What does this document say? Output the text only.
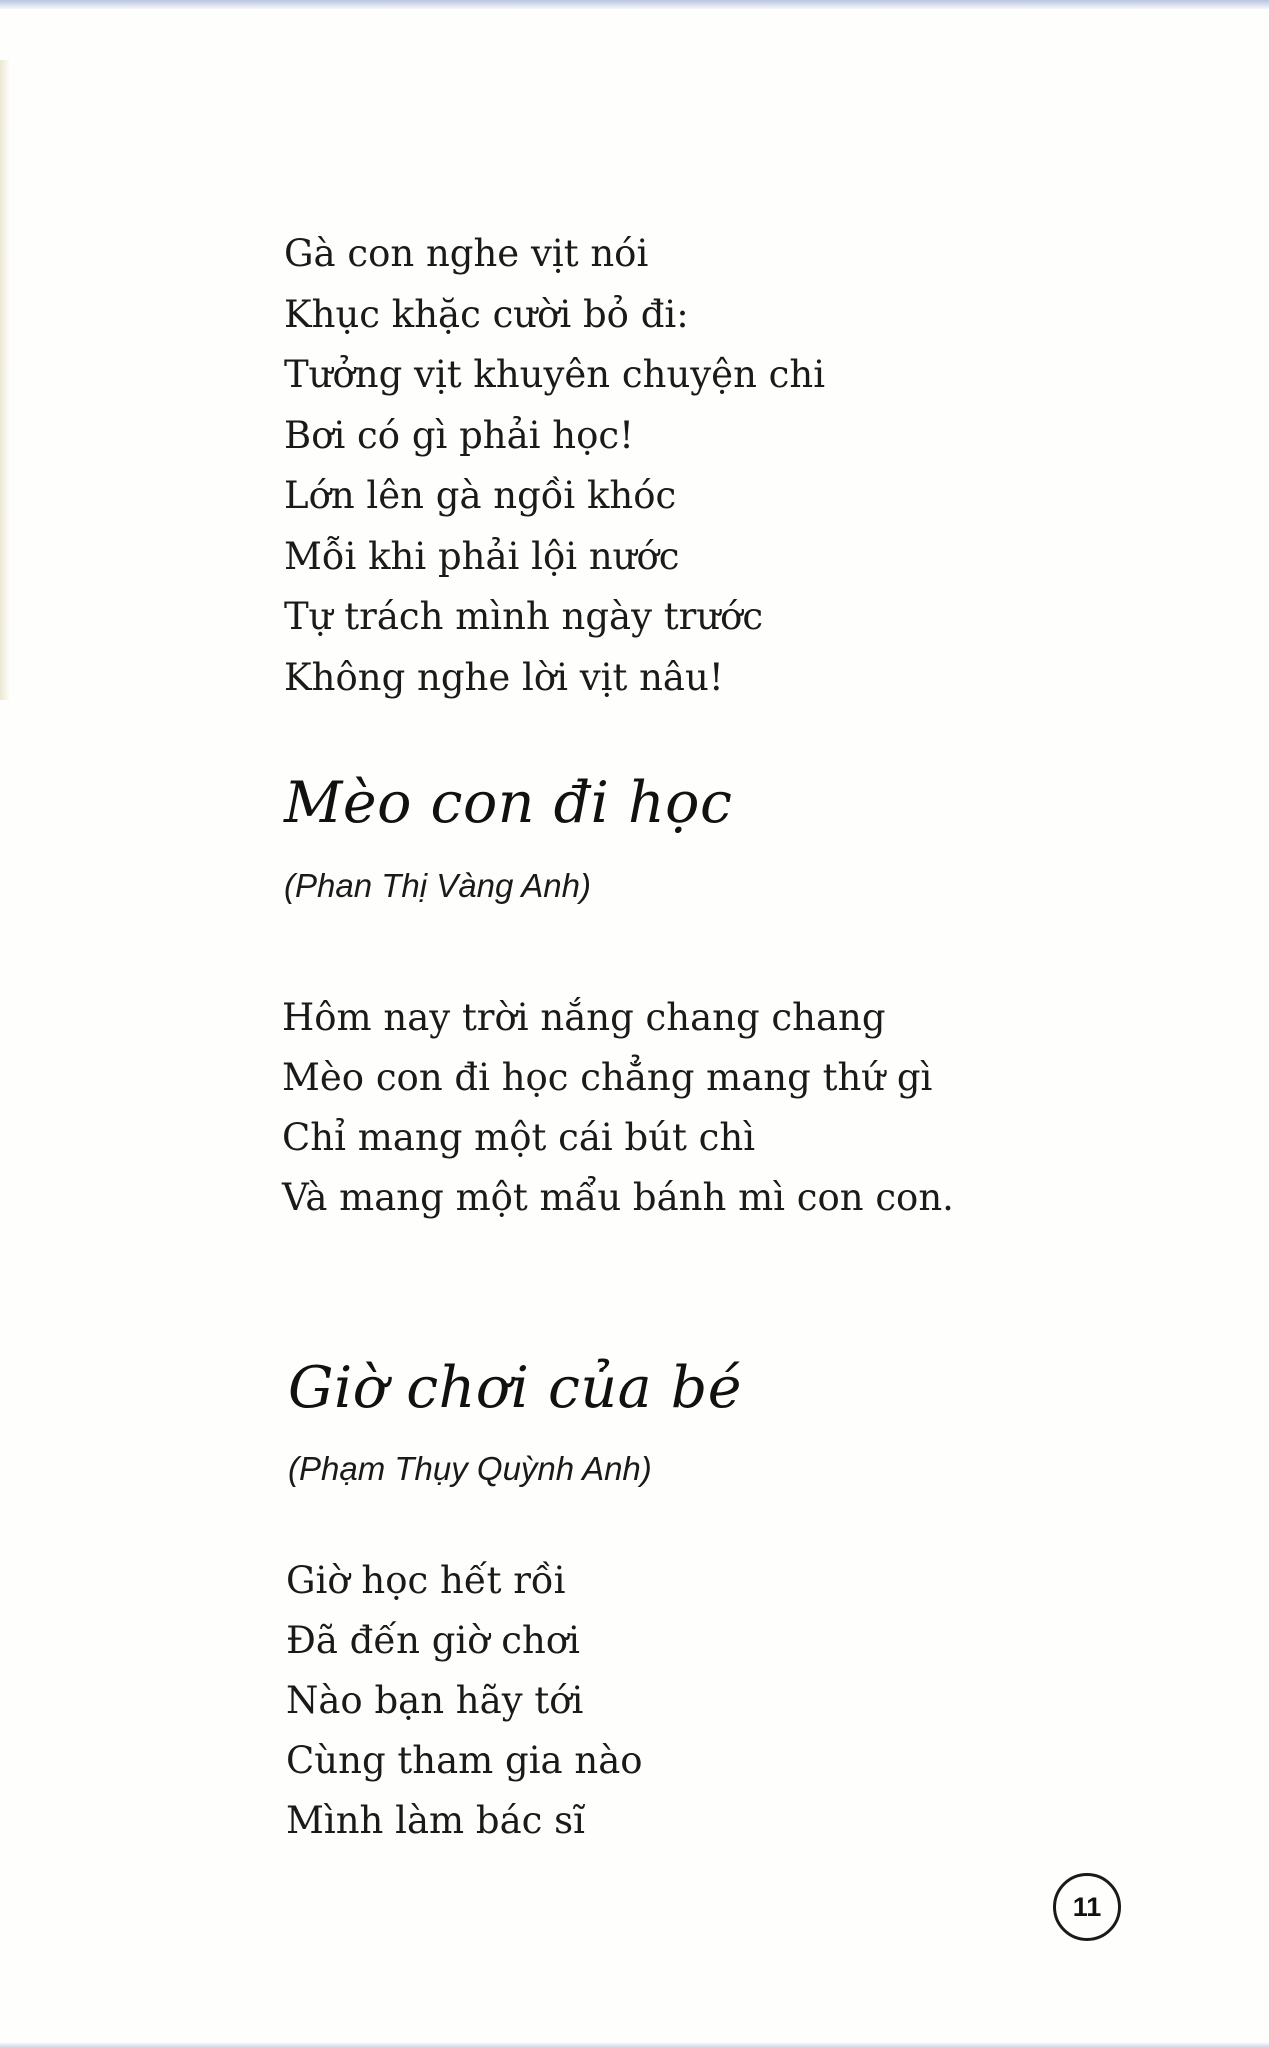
Gà con nghe vịt nói
Khục khặc cười bỏ đi:
Tưởng vịt khuyên chuyện chi
Bơi có gì phải học!
Lớn lên gà ngồi khóc
Mỗi khi phải lội nước
Tự trách mình ngày trước
Không nghe lời vịt nâu!
Mèo con đi học

(Phan Thị Vàng Anh)

Hôm nay trời nắng chang chang
Mèo con đi học chẳng mang thứ gì
Chỉ mang một cái bút chì
Và mang một mẩu bánh mì con con.
Giờ chơi của bé

(Phạm Thụy Quỳnh Anh)

Giờ học hết rồi
Đã đến giờ chơi
Nào bạn hãy tới
Cùng tham gia nào
Mình làm bác sĩ
11
